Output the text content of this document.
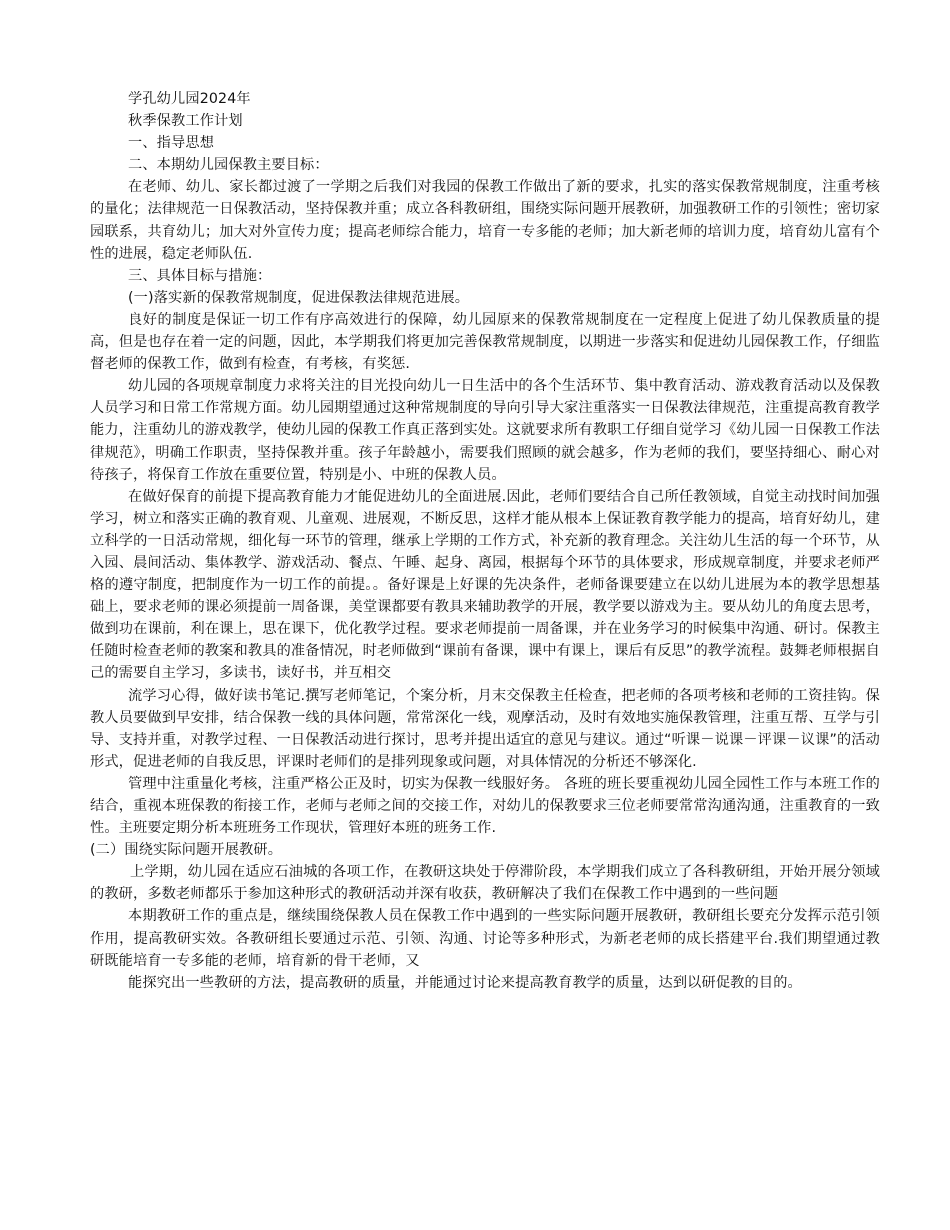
学孔幼儿园2024年

秋季保教工作计划

一、指导思想

二、本期幼儿园保教主要目标：

在老师、幼儿、家长都过渡了一学期之后我们对我园的保教工作做出了新的要求，扎实的落实保教常规制度，注重考核的量化；法律规范一日保教活动，坚持保教并重；成立各科教研组，围绕实际问题开展教研，加强教研工作的引领性；密切家园联系，共育幼儿；加大对外宣传力度；提高老师综合能力，培育一专多能的老师；加大新老师的培训力度，培育幼儿富有个性的进展，稳定老师队伍.

三、具体目标与措施：

(一)落实新的保教常规制度，促进保教法律规范进展。

良好的制度是保证一切工作有序高效进行的保障，幼儿园原来的保教常规制度在一定程度上促进了幼儿保教质量的提高，但是也存在着一定的问题，因此，本学期我们将更加完善保教常规制度，以期进一步落实和促进幼儿园保教工作，仔细监督老师的保教工作，做到有检查，有考核，有奖惩.

幼儿园的各项规章制度力求将关注的目光投向幼儿一日生活中的各个生活环节、集中教育活动、游戏教育活动以及保教人员学习和日常工作常规方面。幼儿园期望通过这种常规制度的导向引导大家注重落实一日保教法律规范，注重提高教育教学能力，注重幼儿的游戏教学，使幼儿园的保教工作真正落到实处。这就要求所有教职工仔细自觉学习《幼儿园一日保教工作法律规范》，明确工作职责，坚持保教并重。孩子年龄越小，需要我们照顾的就会越多，作为老师的我们，要坚持细心、耐心对待孩子，将保育工作放在重要位置，特别是小、中班的保教人员。

在做好保育的前提下提高教育能力才能促进幼儿的全面进展.因此，老师们要结合自己所任教领域，自觉主动找时间加强学习，树立和落实正确的教育观、儿童观、进展观，不断反思，这样才能从根本上保证教育教学能力的提高，培育好幼儿，建立科学的一日活动常规，细化每一环节的管理，继承上学期的工作方式，补充新的教育理念。关注幼儿生活的每一个环节，从入园、晨间活动、集体教学、游戏活动、餐点、午睡、起身、离园，根据每个环节的具体要求，形成规章制度，并要求老师严格的遵守制度，把制度作为一切工作的前提。。备好课是上好课的先决条件，老师备课要建立在以幼儿进展为本的教学思想基础上，要求老师的课必须提前一周备课，美堂课都要有教具来辅助教学的开展，教学要以游戏为主。要从幼儿的角度去思考，做到功在课前，利在课上，思在课下，优化教学过程。要求老师提前一周备课，并在业务学习的时候集中沟通、研讨。保教主任随时检查老师的教案和教具的准备情况，时老师做到“课前有备课，课中有课上，课后有反思”的教学流程。鼓舞老师根据自己的需要自主学习，多读书，读好书，并互相交

流学习心得，做好读书笔记.撰写老师笔记，个案分析，月末交保教主任检查，把老师的各项考核和老师的工资挂钩。保教人员要做到早安排，结合保教一线的具体问题，常常深化一线，观摩活动，及时有效地实施保教管理，注重互帮、互学与引导、支持并重，对教学过程、一日保教活动进行探讨，思考并提出适宜的意见与建议。通过“听课－说课－评课－议课”的活动形式，促进老师的自我反思，评课时老师们的是排列现象或问题，对具体情况的分析还不够深化.

管理中注重量化考核，注重严格公正及时，切实为保教一线服好务。 各班的班长要重视幼儿园全园性工作与本班工作的结合，重视本班保教的衔接工作，老师与老师之间的交接工作，对幼儿的保教要求三位老师要常常沟通沟通，注重教育的一致性。主班要定期分析本班班务工作现状，管理好本班的班务工作.

(二）围绕实际问题开展教研。

上学期，幼儿园在适应石油城的各项工作，在教研这块处于停滞阶段，本学期我们成立了各科教研组，开始开展分领域的教研，多数老师都乐于参加这种形式的教研活动并深有收获，教研解决了我们在保教工作中遇到的一些问题

本期教研工作的重点是，继续围绕保教人员在保教工作中遇到的一些实际问题开展教研，教研组长要充分发挥示范引领作用，提高教研实效。各教研组长要通过示范、引领、沟通、讨论等多种形式，为新老老师的成长搭建平台.我们期望通过教研既能培育一专多能的老师，培育新的骨干老师，又

能探究出一些教研的方法，提高教研的质量，并能通过讨论来提高教育教学的质量，达到以研促教的目的。
